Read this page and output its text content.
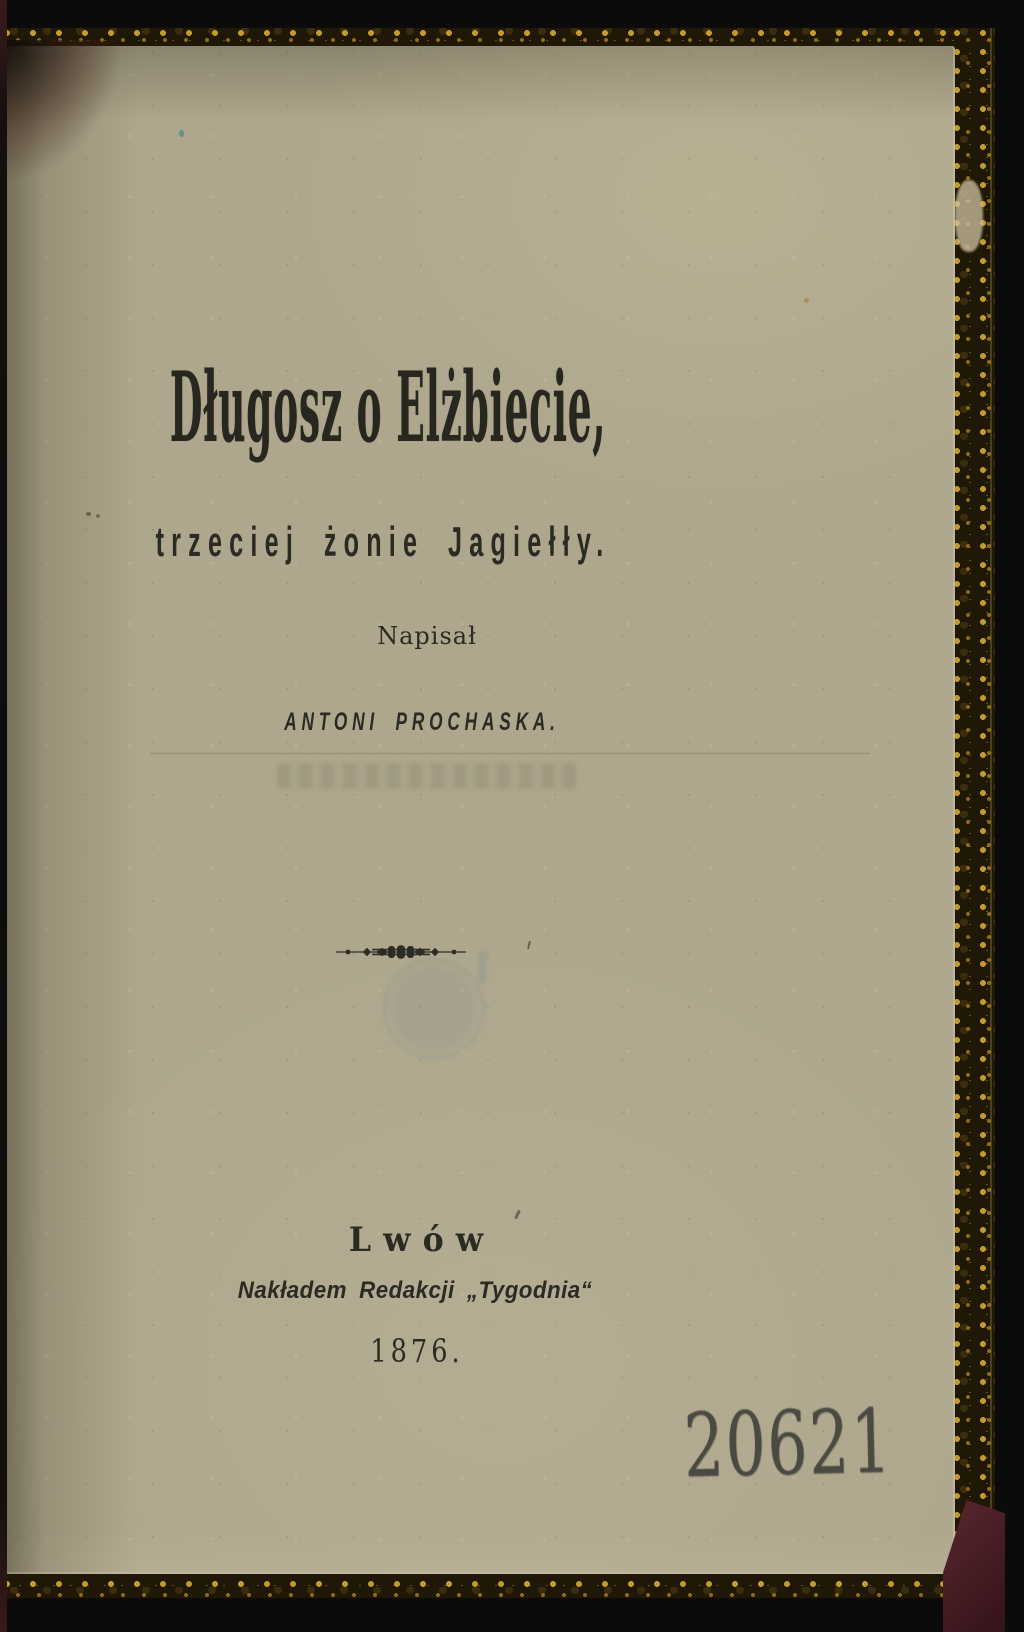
Długosz o Elżbiecie,
trzeciej żonie Jagiełły.
Napisał
ANTONI PROCHASKA.
Lwów
Nakładem Redakcji „Tygodnia“
1876.
20621
